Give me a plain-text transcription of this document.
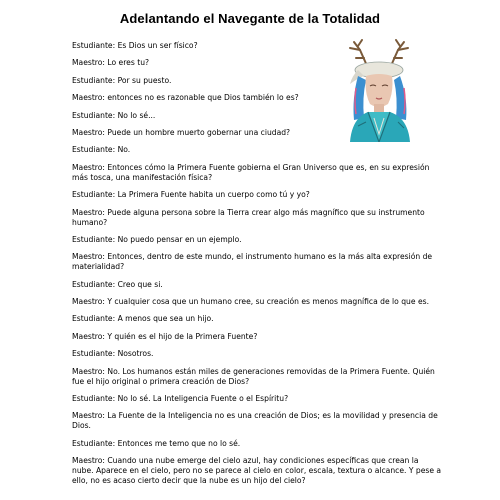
Adelantando el Navegante de la Totalidad

Estudiante: Es Dios un ser físico?

Maestro: Lo eres tu?

Estudiante: Por su puesto.

Maestro: entonces no es razonable que Dios también lo es?

Estudiante: No lo sé...

Maestro: Puede un hombre muerto gobernar una ciudad?

Estudiante: No.

Maestro: Entonces cómo la Primera Fuente gobierna el Gran Universo que es, en su expresión más tosca, una manifestación física?

Estudiante: La Primera Fuente habita un cuerpo como tú y yo?

Maestro: Puede alguna persona sobre la Tierra crear algo más magnífico que su instrumento humano?

Estudiante: No puedo pensar en un ejemplo.

Maestro: Entonces, dentro de este mundo, el instrumento humano es la más alta expresión de materialidad?

Estudiante: Creo que si.

Maestro: Y cualquier cosa que un humano cree, su creación es menos magnífica de lo que es.

Estudiante: A menos que sea un hijo.

Maestro: Y quién es el hijo de la Primera Fuente?

Estudiante: Nosotros.

Maestro: No. Los humanos están miles de generaciones removidas de la Primera Fuente. Quién fue el hijo original o primera creación de Dios?

Estudiante: No lo sé. La Inteligencia Fuente o el Espíritu?

Maestro: La Fuente de la Inteligencia no es una creación de Dios; es la movilidad y presencia de Dios.

Estudiante: Entonces me temo que no lo sé.

Maestro: Cuando una nube emerge del cielo azul, hay condiciones específicas que crean la nube. Aparece en el cielo, pero no se parece al cielo en color, escala, textura o alcance. Y pese a ello, no es acaso cierto decir que la nube es un hijo del cielo?
